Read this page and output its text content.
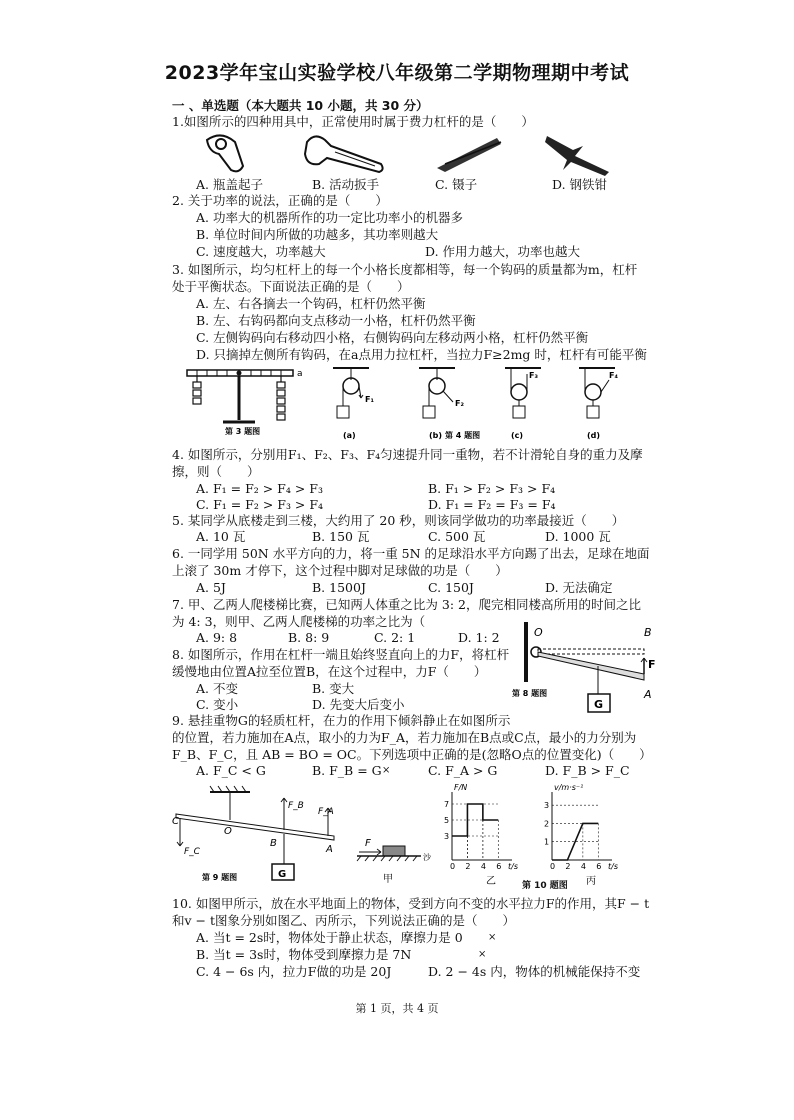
2023学年宝山实验学校八年级第二学期物理期中考试
一 、单选题（本大题共 10 小题，共 30 分）
1.如图所示的四种用具中，正常使用时属于费力杠杆的是（　　）
A. 瓶盖起子	B. 活动扳手	C. 镊子	D. 钢铁钳
2. 关于功率的说法，正确的是（　　）
A. 功率大的机器所作的功一定比功率小的机器多
B. 单位时间内所做的功越多，其功率则越大
C. 速度越大，功率越大	D. 作用力越大，功率也越大
3. 如图所示，均匀杠杆上的每一个小格长度都相等，每一个钩码的质量都为m，杠杆
处于平衡状态。下面说法正确的是（　　）
A. 左、右各摘去一个钩码，杠杆仍然平衡
B. 左、右钩码都向支点移动一小格，杠杆仍然平衡
C. 左侧钩码向右移动四小格，右侧钩码向左移动两小格，杠杆仍然平衡
D. 只摘掉左侧所有钩码，在a点用力拉杠杆，当拉力F≥2mg 时，杠杆有可能平衡
a
第 3 题图
F₁
(a)
F₂
(b) 第 4 题图
F₃
(c)
F₄
(d)
4. 如图所示，分别用F₁、F₂、F₃、F₄匀速提升同一重物，若不计滑轮自身的重力及摩
擦，则（　　）
A. F₁ = F₂ > F₄ > F₃	B. F₁ > F₂ > F₃ > F₄
C. F₁ = F₂ > F₃ > F₄	D. F₁ = F₂ = F₃ = F₄
5. 某同学从底楼走到三楼，大约用了 20 秒，则该同学做功的功率最接近（　　）
A. 10 瓦	B. 150 瓦	C. 500 瓦	D. 1000 瓦
6. 一同学用 50N 水平方向的力，将一重 5N 的足球沿水平方向踢了出去，足球在地面
上滚了 30m 才停下，这个过程中脚对足球做的功是（　　）
A. 5J	B. 1500J	C. 150J	D. 无法确定
7. 甲、乙两人爬楼梯比赛，已知两人体重之比为 3: 2，爬完相同楼高所用的时间之比
为 4: 3，则甲、乙两人爬楼梯的功率之比为（
A. 9: 8	B. 8: 9	C. 2: 1	D. 1: 2	O	B
F
A
G
第 8 题图
8. 如图所示，作用在杠杆一端且始终竖直向上的力F，将杠杆
缓慢地由位置A拉至位置B，在这个过程中，力F（　　）
A. 不变	B. 变大
C. 变小	D. 先变大后变小
9. 悬挂重物G的轻质杠杆，在力的作用下倾斜静止在如图所示
的位置，若力施加在A点，取小的力为F_A，若力施加在B点或C点，最小的力分别为
F_B、F_C，且 AB = BO = OC。下列选项中正确的是(忽略O点的位置变化)（　　）
A. F_C < G	B. F_B = G ×	C. F_A > G	D. F_B > F_C
C
F_C
O
F_B
B
G
F_A
A
第 9 题图
F
沙
甲
F/N
t/s
0 2 4 6
3
5
7
乙
v/m·s⁻¹
t/s
0 2 4 6
1
2
3
丙
第 10 题图
10. 如图甲所示，放在水平地面上的物体，受到方向不变的水平拉力F的作用，其F − t
和v − t图象分别如图乙、丙所示，下列说法正确的是（　　）
A. 当t = 2s时，物体处于静止状态，摩擦力是 0	×
B. 当t = 3s时，物体受到摩擦力是 7N	×
C. 4 − 6s 内，拉力F做的功是 20J	D. 2 − 4s 内，物体的机械能保持不变
第 1 页，共 4 页
